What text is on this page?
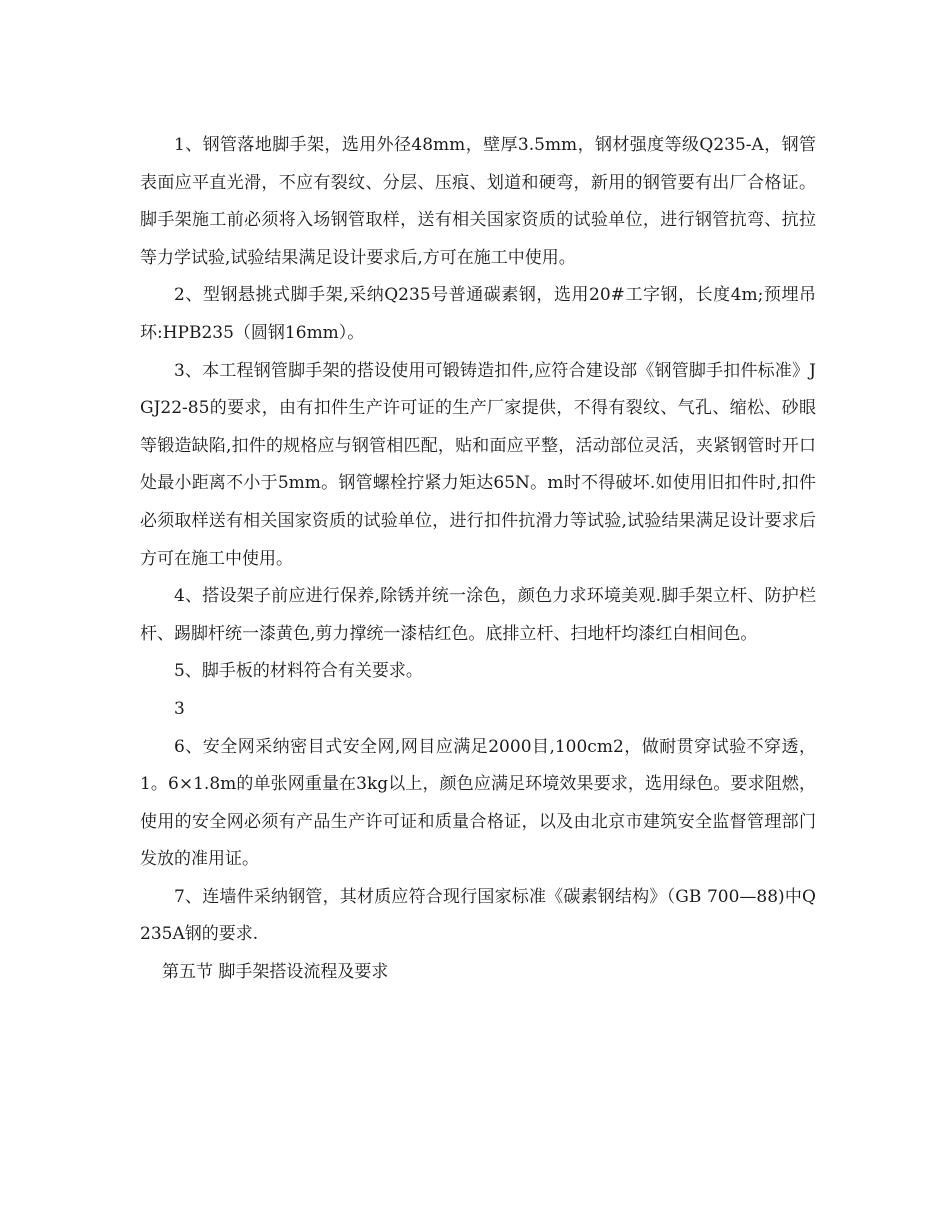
1、钢管落地脚手架，选用外径48mm，壁厚3.5mm，钢材强度等级Q235-A，钢管表面应平直光滑，不应有裂纹、分层、压痕、划道和硬弯，新用的钢管要有出厂合格证。脚手架施工前必须将入场钢管取样，送有相关国家资质的试验单位，进行钢管抗弯、抗拉等力学试验,试验结果满足设计要求后,方可在施工中使用。

2、型钢悬挑式脚手架,采纳Q235号普通碳素钢，选用20#工字钢，长度4m;预埋吊环:HPB235（圆钢16mm）。

3、本工程钢管脚手架的搭设使用可锻铸造扣件,应符合建设部《钢管脚手扣件标准》JGJ22-85的要求，由有扣件生产许可证的生产厂家提供，不得有裂纹、气孔、缩松、砂眼等锻造缺陷,扣件的规格应与钢管相匹配，贴和面应平整，活动部位灵活，夹紧钢管时开口处最小距离不小于5mm。钢管螺栓拧紧力矩达65N。m时不得破坏.如使用旧扣件时,扣件必须取样送有相关国家资质的试验单位，进行扣件抗滑力等试验,试验结果满足设计要求后方可在施工中使用。

4、搭设架子前应进行保养,除锈并统一涂色，颜色力求环境美观.脚手架立杆、防护栏杆、踢脚杆统一漆黄色,剪力撑统一漆桔红色。底排立杆、扫地杆均漆红白相间色。

5、脚手板的材料符合有关要求。

3

6、安全网采纳密目式安全网,网目应满足2000目,100cm2，做耐贯穿试验不穿透，1。6×1.8m的单张网重量在3kg以上，颜色应满足环境效果要求，选用绿色。要求阻燃，使用的安全网必须有产品生产许可证和质量合格证，以及由北京市建筑安全监督管理部门发放的准用证。

7、连墙件采纳钢管，其材质应符合现行国家标准《碳素钢结构》（GB 700—88)中Q235A钢的要求.

第五节 脚手架搭设流程及要求
